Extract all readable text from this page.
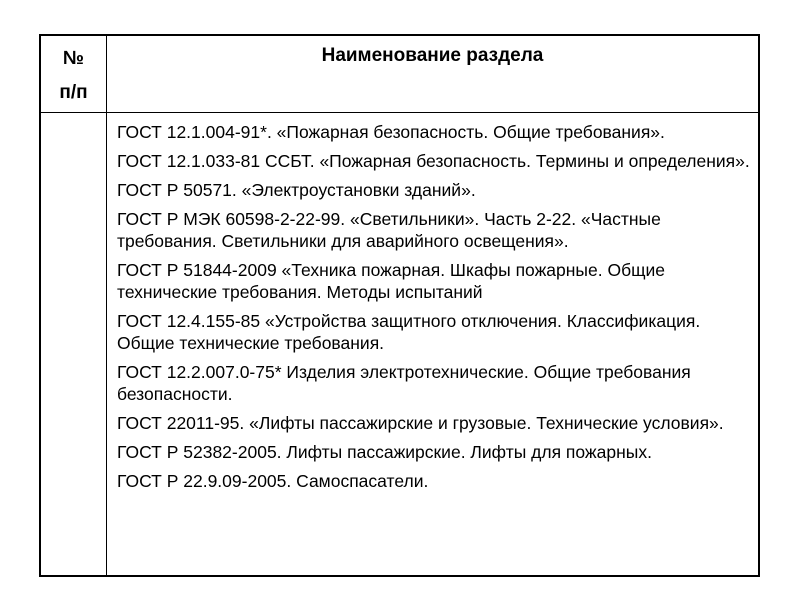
№
п/п
Наименование раздела
ГОСТ 12.1.004-91*. «Пожарная безопасность. Общие требования».
ГОСТ 12.1.033-81 ССБТ. «Пожарная безопасность. Термины и определения».
ГОСТ Р 50571. «Электроустановки зданий».
ГОСТ Р МЭК 60598-2-22-99. «Светильники». Часть 2-22. «Частные требования. Светильники для аварийного освещения».
ГОСТ Р 51844-2009 «Техника пожарная. Шкафы пожарные. Общие технические требования. Методы испытаний
ГОСТ 12.4.155-85 «Устройства защитного отключения. Классификация. Общие технические требования.
ГОСТ 12.2.007.0-75* Изделия электротехнические. Общие требования безопасности.
ГОСТ 22011-95. «Лифты пассажирские и грузовые. Технические условия».
ГОСТ Р 52382-2005. Лифты пассажирские. Лифты для пожарных.
ГОСТ Р 22.9.09-2005. Самоспасатели.
